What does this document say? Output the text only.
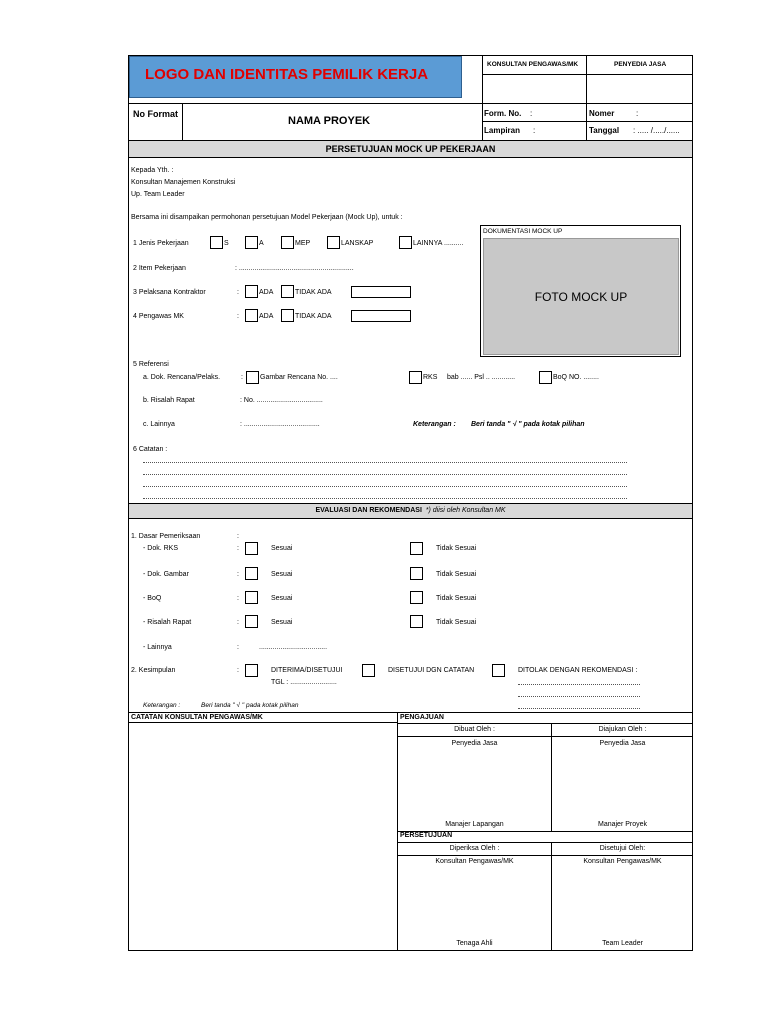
LOGO DAN IDENTITAS PEMILIK KERJA
KONSULTAN PENGAWAS/MK	PENYEDIA JASA
No Format
NAMA PROYEK
Form. No. :
Lampiran :
Nomer	:
Tanggal : ..... /...../......
PERSETUJUAN MOCK UP PEKERJAAN
Kepada Yth. :
Konsultan Manajemen Konstruksi
Up. Team Leader
Bersama ini disampaikan permohonan persetujuan Model Pekerjaan (Mock Up), untuk :
1 Jenis Pekerjaan	S	A	MEP	LANSKAP	LAINNYA ..........
2 Item Pekerjaan	: ...........................................................
3 Pelaksana Kontraktor	:	ADA	TIDAK ADA
4 Pengawas MK	:	ADA	TIDAK ADA
DOKUMENTASI MOCK UP
FOTO MOCK UP
5 Referensi
a. Dok. Rencana/Pelaks.	: Gambar Rencana No. ....	RKS bab ...... Psl .. ............	BoQ NO. ........
b. Risalah Rapat	: No. ..................................
c. Lainnya	: .......................................	Keterangan : Beri tanda " √ " pada kotak pilihan
6 Catatan :
EVALUASI DAN REKOMENDASI *) diisi oleh Konsultan MK
1. Dasar Pemeriksaan	:
- Dok. RKS	:	Sesuai	Tidak Sesuai
- Dok. Gambar	:	Sesuai	Tidak Sesuai
- BoQ	:	Sesuai	Tidak Sesuai
- Risalah Rapat	:	Sesuai	Tidak Sesuai
- Lainnya	:	...................................
2. Kesimpulan	:	DITERIMA/DISETUJUI
TGL : ........................
DISETUJUI DGN CATATAN	DITOLAK DENGAN REKOMENDASI :
Keterangan :	Beri tanda " √ " pada kotak pilihan
CATATAN KONSULTAN PENGAWAS/MK	PENGAJUAN
Dibuat Oleh :	Diajukan Oleh :
Penyedia Jasa	Penyedia Jasa
Manajer Lapangan	Manajer Proyek
PERSETUJUAN
Diperiksa Oleh :	Disetujui Oleh:
Konsultan Pengawas/MK	Konsultan Pengawas/MK
Tenaga Ahli	Team Leader
